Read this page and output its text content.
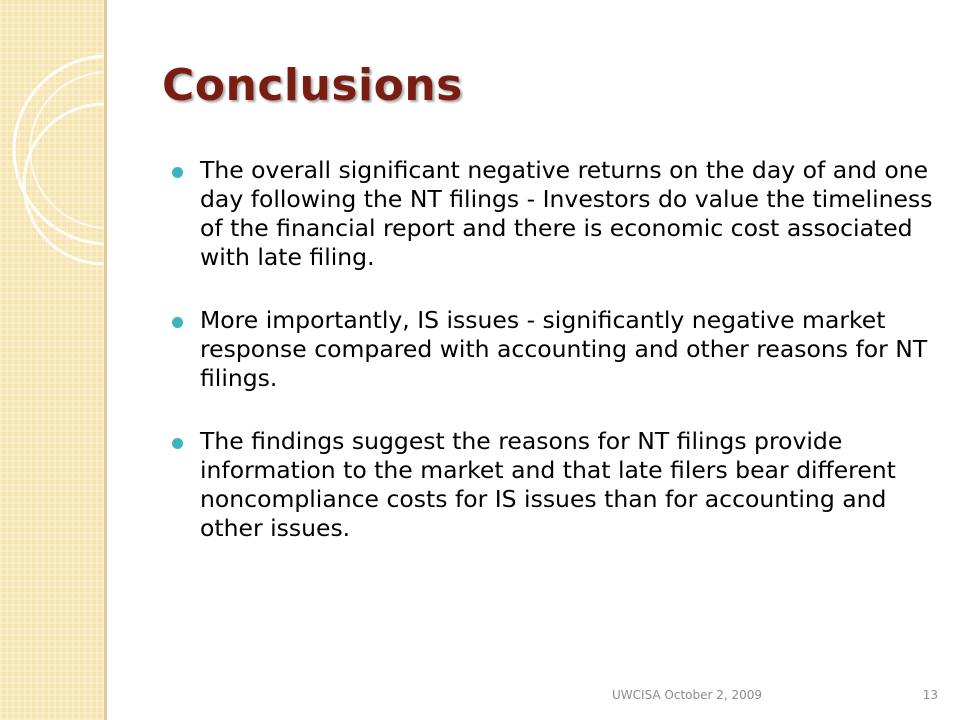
Conclusions
The overall significant negative returns on the day of and one day following the NT filings - Investors do value the timeliness of the financial report and there is economic cost associated with late filing.
More importantly, IS issues - significantly negative market response compared with accounting and other reasons for NT filings.
The findings suggest the reasons for NT filings provide information to the market and that late filers bear different noncompliance costs for IS issues than for accounting and other issues.
UWCISA October 2, 2009	13
